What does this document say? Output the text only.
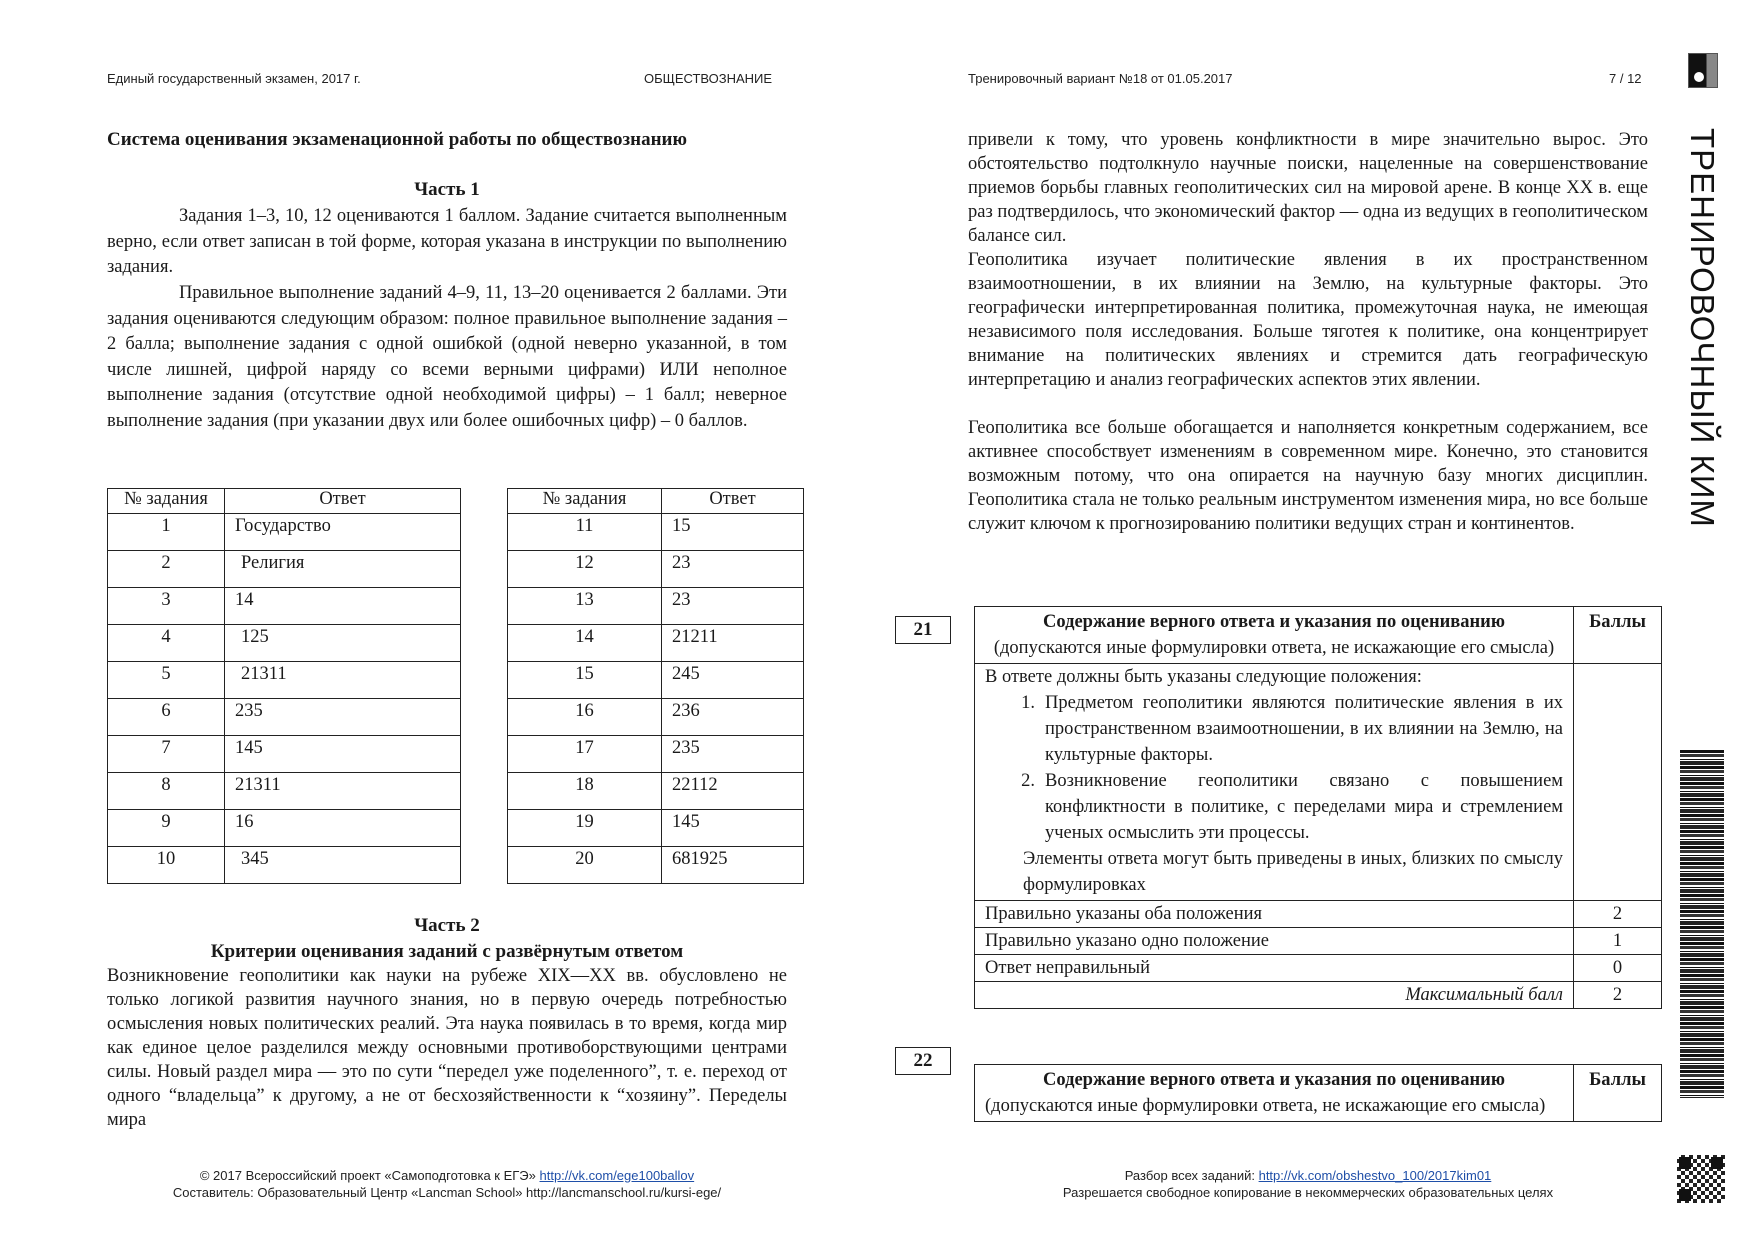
Единый государственный экзамен, 2017 г.	ОБЩЕСТВОЗНАНИЕ	Тренировочный вариант №18 от 01.05.2017	7 / 12
ТРЕНИРОВОЧНЫЙ КИМ
Система оценивания экзаменационной работы по обществознанию
Часть 1
Задания 1–3, 10, 12 оцениваются 1 баллом. Задание считается выполненным верно, если ответ записан в той форме, которая указана в инструкции по выполнению задания.
Правильное выполнение заданий 4–9, 11, 13–20 оценивается 2 баллами. Эти задания оцениваются следующим образом: полное правильное выполнение задания – 2 балла; выполнение задания с одной ошибкой (одной неверно указанной, в том числе лишней, цифрой наряду со всеми верными цифрами) ИЛИ неполное выполнение задания (отсутствие одной необходимой цифры) – 1 балл; неверное выполнение задания (при указании двух или более ошибочных цифр) – 0 баллов.
№ задания	Ответ
1	Государство
2	Религия
3	14
4	125
5	21311
6	235
7	145
8	21311
9	16
10	345
№ задания	Ответ
11	15
12	23
13	23
14	21211
15	245
16	236
17	235
18	22112
19	145
20	681925
Часть 2
Критерии оценивания заданий с развёрнутым ответом
Возникновение геополитики как науки на рубеже XIX—XX вв. обусловлено не только логикой развития научного знания, но в первую очередь потребностью осмысления новых политических реалий. Эта наука появилась в то время, когда мир как единое целое разделился между основными противоборствующими центрами силы. Новый раздел мира — это по сути “передел уже поделенного”, т. е. переход от одного “владельца” к другому, а не от бесхозяйственности к “хозяину”. Переделы мира
привели к тому, что уровень конфликтности в мире значительно вырос. Это обстоятельство подтолкнуло научные поиски, нацеленные на совершенствование приемов борьбы главных геополитических сил на мировой арене. В конце XX в. еще раз подтвердилось, что экономический фактор — одна из ведущих в геополитическом балансе сил.
Геополитика изучает политические явления в их пространственном взаимоотношении, в их влиянии на Землю, на культурные факторы. Это географически интерпретированная политика, промежуточная наука, не имеющая независимого поля исследования. Больше тяготея к политике, она концентрирует внимание на политических явлениях и стремится дать географическую интерпретацию и анализ географических аспектов этих явлении.
Геополитика все больше обогащается и наполняется конкретным содержанием, все активнее способствует изменениям в современном мире. Конечно, это становится возможным потому, что она опирается на научную базу многих дисциплин. Геополитика стала не только реальным инструментом изменения мира, но все больше служит ключом к прогнозированию политики ведущих стран и континентов.
21	Содержание верного ответа и указания по оцениванию
(допускаются иные формулировки ответа, не искажающие его смысла)	Баллы

В ответе должны быть указаны следующие положения:
1. Предметом геополитики являются политические явления в их пространственном взаимоотношении, в их влиянии на Землю, на культурные факторы.
2. Возникновение геополитики связано с повышением конфликтности в политике, с переделами мира и стремлением ученых осмыслить эти процессы.
Элементы ответа могут быть приведены в иных, близких по смыслу формулировках

Правильно указаны оба положения	2
Правильно указано одно положение	1
Ответ неправильный	0
Максимальный балл	2
22
Содержание верного ответа и указания по оцениванию
(допускаются иные формулировки ответа, не искажающие его смысла)
	Баллы
© 2017 Всероссийский проект «Самоподготовка к ЕГЭ» http://vk.com/ege100ballov
Составитель: Образовательный Центр «Lancman School» http://lancmanschool.ru/kursi-ege/
Разбор всех заданий: http://vk.com/obshestvo_100/2017kim01
Разрешается свободное копирование в некоммерческих образовательных целях
